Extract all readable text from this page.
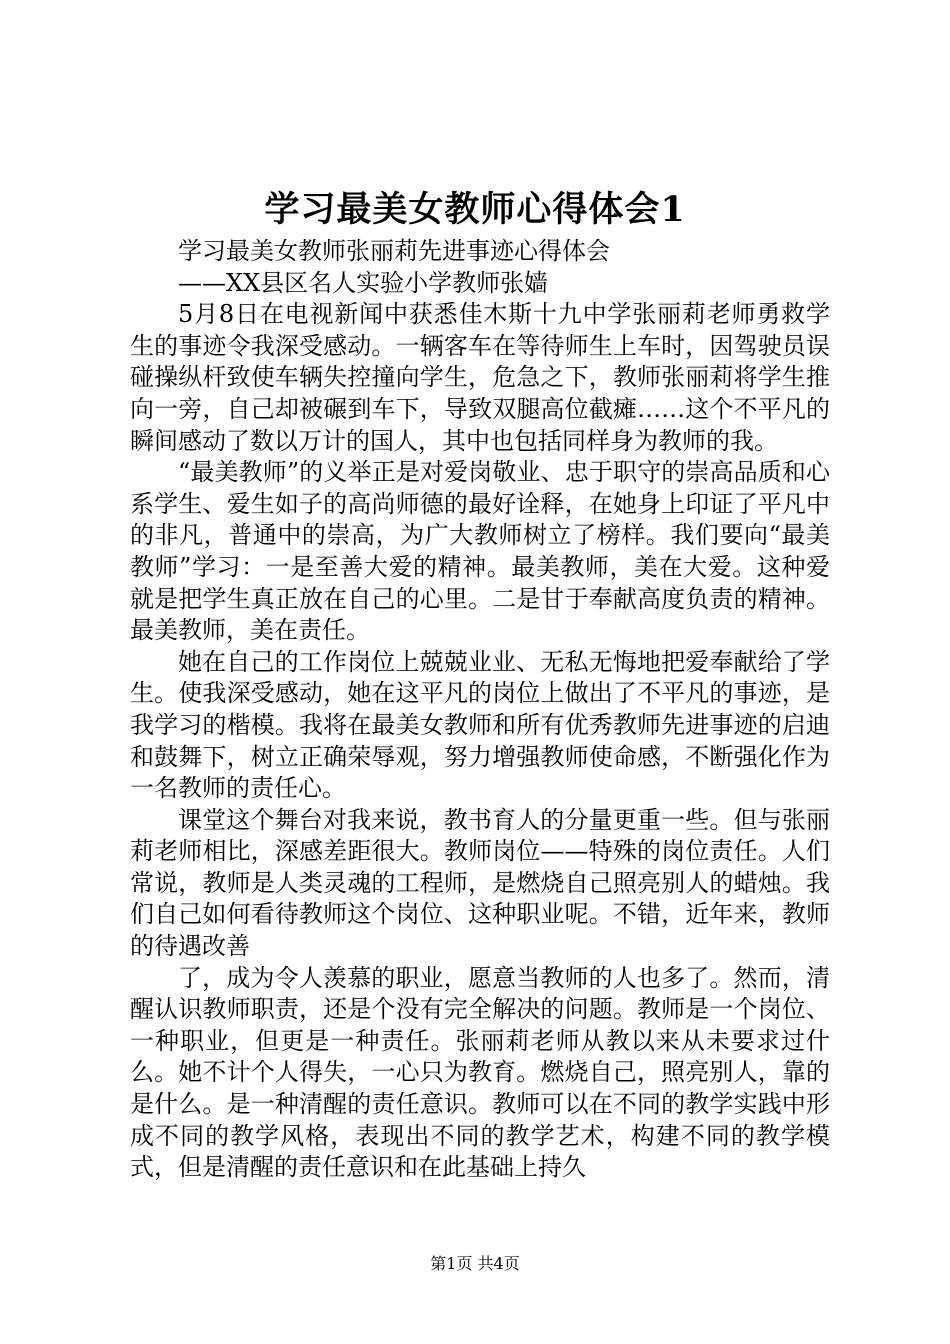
学习最美女教师心得体会1

学习最美女教师张丽莉先进事迹心得体会

——XX县区名人实验小学教师张嫱

5月8日在电视新闻中获悉佳木斯十九中学张丽莉老师勇救学生的事迹令我深受感动。一辆客车在等待师生上车时，因驾驶员误碰操纵杆致使车辆失控撞向学生，危急之下，教师张丽莉将学生推向一旁，自己却被碾到车下，导致双腿高位截瘫……这个不平凡的瞬间感动了数以万计的国人，其中也包括同样身为教师的我。

“最美教师”的义举正是对爱岗敬业、忠于职守的崇高品质和心系学生、爱生如子的高尚师德的最好诠释，在她身上印证了平凡中的非凡，普通中的崇高，为广大教师树立了榜样。我们要向“最美教师”学习：一是至善大爱的精神。最美教师，美在大爱。这种爱就是把学生真正放在自己的心里。二是甘于奉献高度负责的精神。最美教师，美在责任。

她在自己的工作岗位上兢兢业业、无私无悔地把爱奉献给了学生。使我深受感动，她在这平凡的岗位上做出了不平凡的事迹，是我学习的楷模。我将在最美女教师和所有优秀教师先进事迹的启迪和鼓舞下，树立正确荣辱观，努力增强教师使命感，不断强化作为一名教师的责任心。

课堂这个舞台对我来说，教书育人的分量更重一些。但与张丽莉老师相比，深感差距很大。教师岗位——特殊的岗位责任。人们常说，教师是人类灵魂的工程师，是燃烧自己照亮别人的蜡烛。我们自己如何看待教师这个岗位、这种职业呢。不错，近年来，教师的待遇改善

了，成为令人羡慕的职业，愿意当教师的人也多了。然而，清醒认识教师职责，还是个没有完全解决的问题。教师是一个岗位、一种职业，但更是一种责任。张丽莉老师从教以来从未要求过什么。她不计个人得失，一心只为教育。燃烧自己，照亮别人，靠的是什么。是一种清醒的责任意识。教师可以在不同的教学实践中形成不同的教学风格，表现出不同的教学艺术，构建不同的教学模式，但是清醒的责任意识和在此基础上持久

第1页 共4页
